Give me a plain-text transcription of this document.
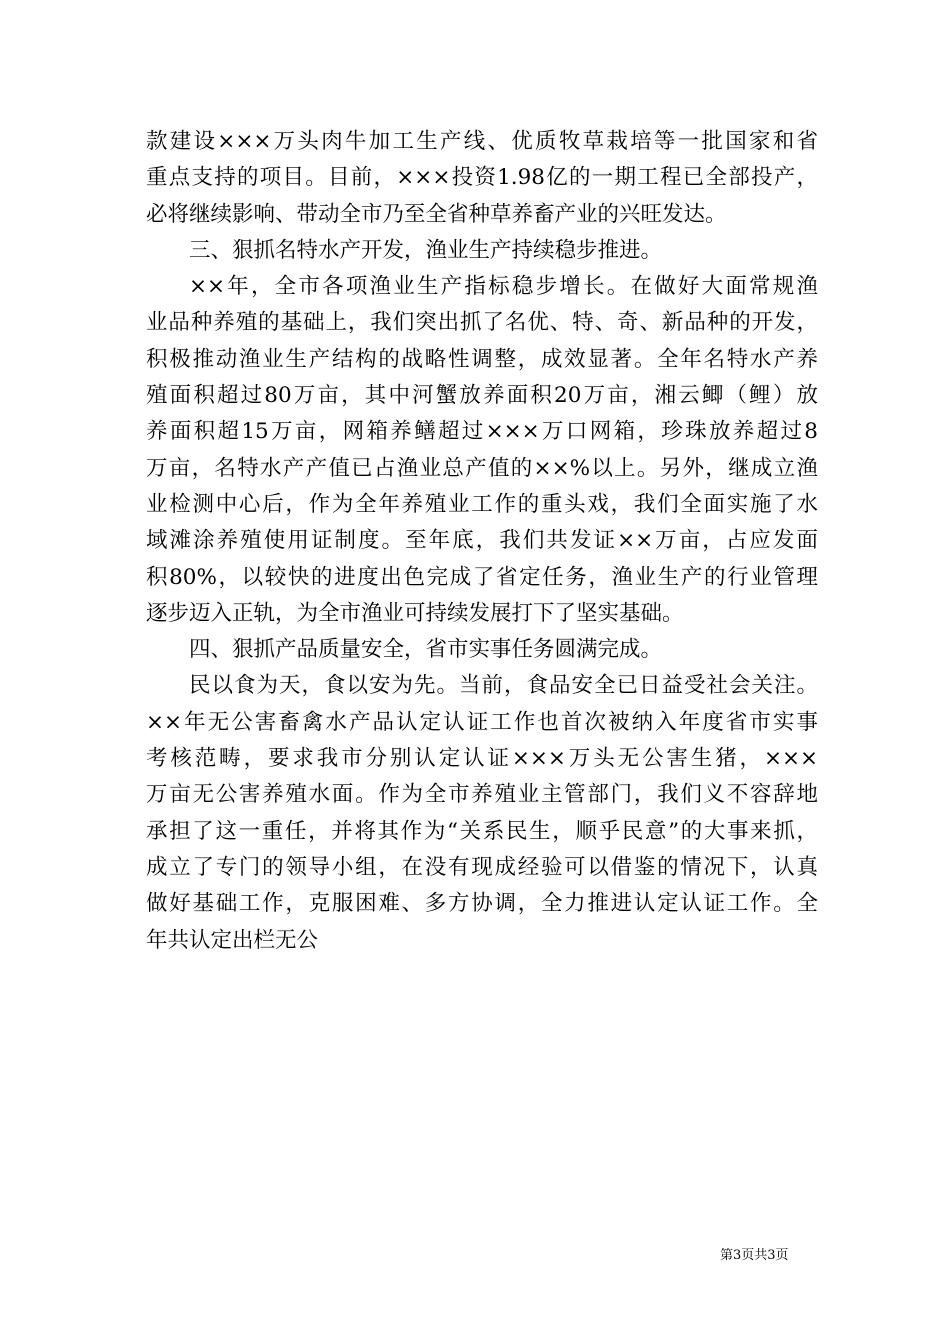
款建设×××万头肉牛加工生产线、优质牧草栽培等一批国家和省
重点支持的项目。目前，×××投资1.98亿的一期工程已全部投产，
必将继续影响、带动全市乃至全省种草养畜产业的兴旺发达。
三、狠抓名特水产开发，渔业生产持续稳步推进。
××年，全市各项渔业生产指标稳步增长。在做好大面常规渔
业品种养殖的基础上，我们突出抓了名优、特、奇、新品种的开发，
积极推动渔业生产结构的战略性调整，成效显著。全年名特水产养
殖面积超过80万亩，其中河蟹放养面积20万亩，湘云鲫（鲤）放
养面积超15万亩，网箱养鳝超过×××万口网箱，珍珠放养超过8
万亩，名特水产产值已占渔业总产值的××%以上。另外，继成立渔
业检测中心后，作为全年养殖业工作的重头戏，我们全面实施了水
域滩涂养殖使用证制度。至年底，我们共发证××万亩，占应发面
积80%，以较快的进度出色完成了省定任务，渔业生产的行业管理
逐步迈入正轨，为全市渔业可持续发展打下了坚实基础。
四、狠抓产品质量安全，省市实事任务圆满完成。
民以食为天，食以安为先。当前，食品安全已日益受社会关注。
××年无公害畜禽水产品认定认证工作也首次被纳入年度省市实事
考核范畴，要求我市分别认定认证×××万头无公害生猪，×××
万亩无公害养殖水面。作为全市养殖业主管部门，我们义不容辞地
承担了这一重任，并将其作为“关系民生，顺乎民意”的大事来抓，
成立了专门的领导小组，在没有现成经验可以借鉴的情况下，认真
做好基础工作，克服困难、多方协调，全力推进认定认证工作。全
年共认定出栏无公
第3页共3页
